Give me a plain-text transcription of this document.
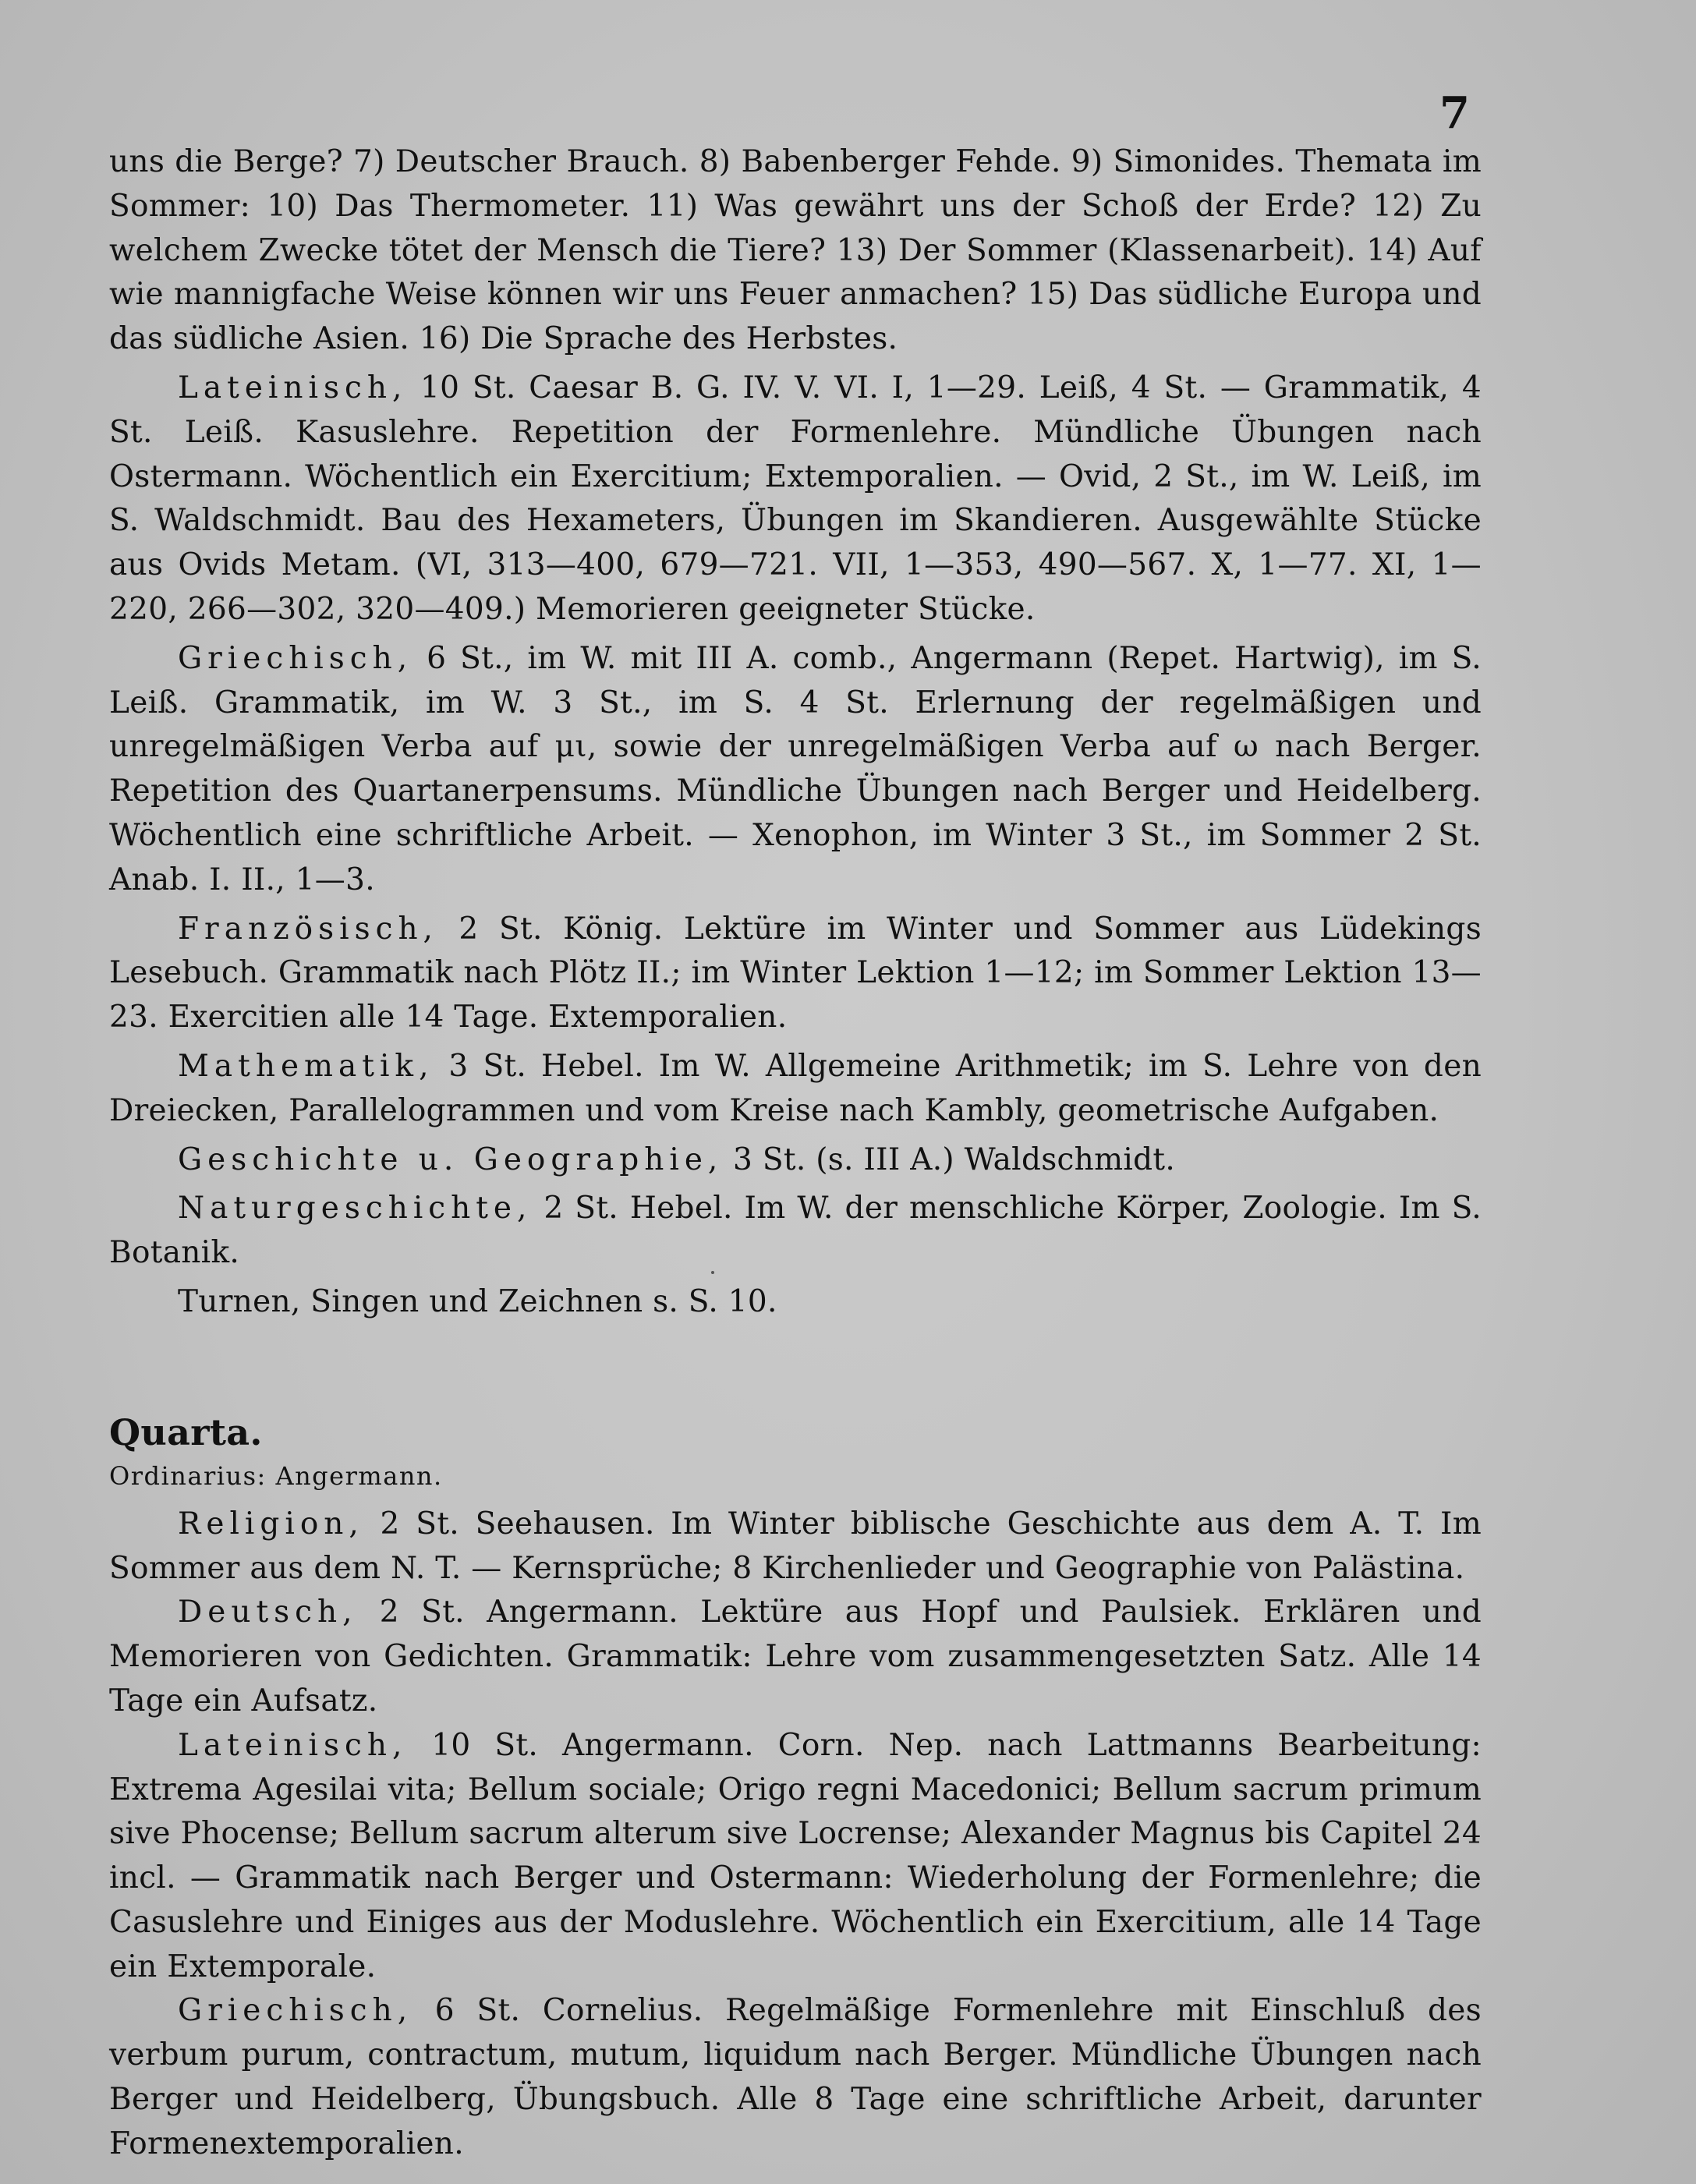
7

uns die Berge? 7) Deutscher Brauch. 8) Babenberger Fehde. 9) Simonides. Themata im Sommer: 10) Das Thermometer. 11) Was gewährt uns der Schoß der Erde? 12) Zu welchem Zwecke tötet der Mensch die Tiere? 13) Der Sommer (Klassenarbeit). 14) Auf wie mannigfache Weise können wir uns Feuer anmachen? 15) Das südliche Europa und das südliche Asien. 16) Die Sprache des Herbstes.

Lateinisch, 10 St. Caesar B. G. IV. V. VI. I, 1—29. Leiß, 4 St. — Grammatik, 4 St. Leiß. Kasuslehre. Repetition der Formenlehre. Mündliche Übungen nach Ostermann. Wöchentlich ein Exercitium; Extemporalien. — Ovid, 2 St., im W. Leiß, im S. Waldschmidt. Bau des Hexameters, Übungen im Skandieren. Ausgewählte Stücke aus Ovids Metam. (VI, 313—400, 679—721. VII, 1—353, 490—567. X, 1—77. XI, 1—220, 266—302, 320—409.) Memorieren geeigneter Stücke.

Griechisch, 6 St., im W. mit III A. comb., Angermann (Repet. Hartwig), im S. Leiß. Grammatik, im W. 3 St., im S. 4 St. Erlernung der regelmäßigen und unregelmäßigen Verba auf μι, sowie der unregelmäßigen Verba auf ω nach Berger. Repetition des Quartanerpensums. Mündliche Übungen nach Berger und Heidelberg. Wöchentlich eine schriftliche Arbeit. — Xenophon, im Winter 3 St., im Sommer 2 St. Anab. I. II., 1—3.

Französisch, 2 St. König. Lektüre im Winter und Sommer aus Lüdekings Lesebuch. Grammatik nach Plötz II.; im Winter Lektion 1—12; im Sommer Lektion 13—23. Exercitien alle 14 Tage. Extemporalien.

Mathematik, 3 St. Hebel. Im W. Allgemeine Arithmetik; im S. Lehre von den Dreiecken, Parallelogrammen und vom Kreise nach Kambly, geometrische Aufgaben.

Geschichte u. Geographie, 3 St. (s. III A.) Waldschmidt.

Naturgeschichte, 2 St. Hebel. Im W. der menschliche Körper, Zoologie. Im S. Botanik.

Turnen, Singen und Zeichnen s. S. 10.

Quarta.

Ordinarius: Angermann.

Religion, 2 St. Seehausen. Im Winter biblische Geschichte aus dem A. T. Im Sommer aus dem N. T. — Kernsprüche; 8 Kirchenlieder und Geographie von Palästina.

Deutsch, 2 St. Angermann. Lektüre aus Hopf und Paulsiek. Erklären und Memorieren von Gedichten. Grammatik: Lehre vom zusammengesetzten Satz. Alle 14 Tage ein Aufsatz.

Lateinisch, 10 St. Angermann. Corn. Nep. nach Lattmanns Bearbeitung: Extrema Agesilai vita; Bellum sociale; Origo regni Macedonici; Bellum sacrum primum sive Phocense; Bellum sacrum alterum sive Locrense; Alexander Magnus bis Capitel 24 incl. — Grammatik nach Berger und Ostermann: Wiederholung der Formenlehre; die Casuslehre und Einiges aus der Moduslehre. Wöchentlich ein Exercitium, alle 14 Tage ein Extemporale.

Griechisch, 6 St. Cornelius. Regelmäßige Formenlehre mit Einschluß des verbum purum, contractum, mutum, liquidum nach Berger. Mündliche Übungen nach Berger und Heidelberg, Übungsbuch. Alle 8 Tage eine schriftliche Arbeit, darunter Formenextemporalien.
